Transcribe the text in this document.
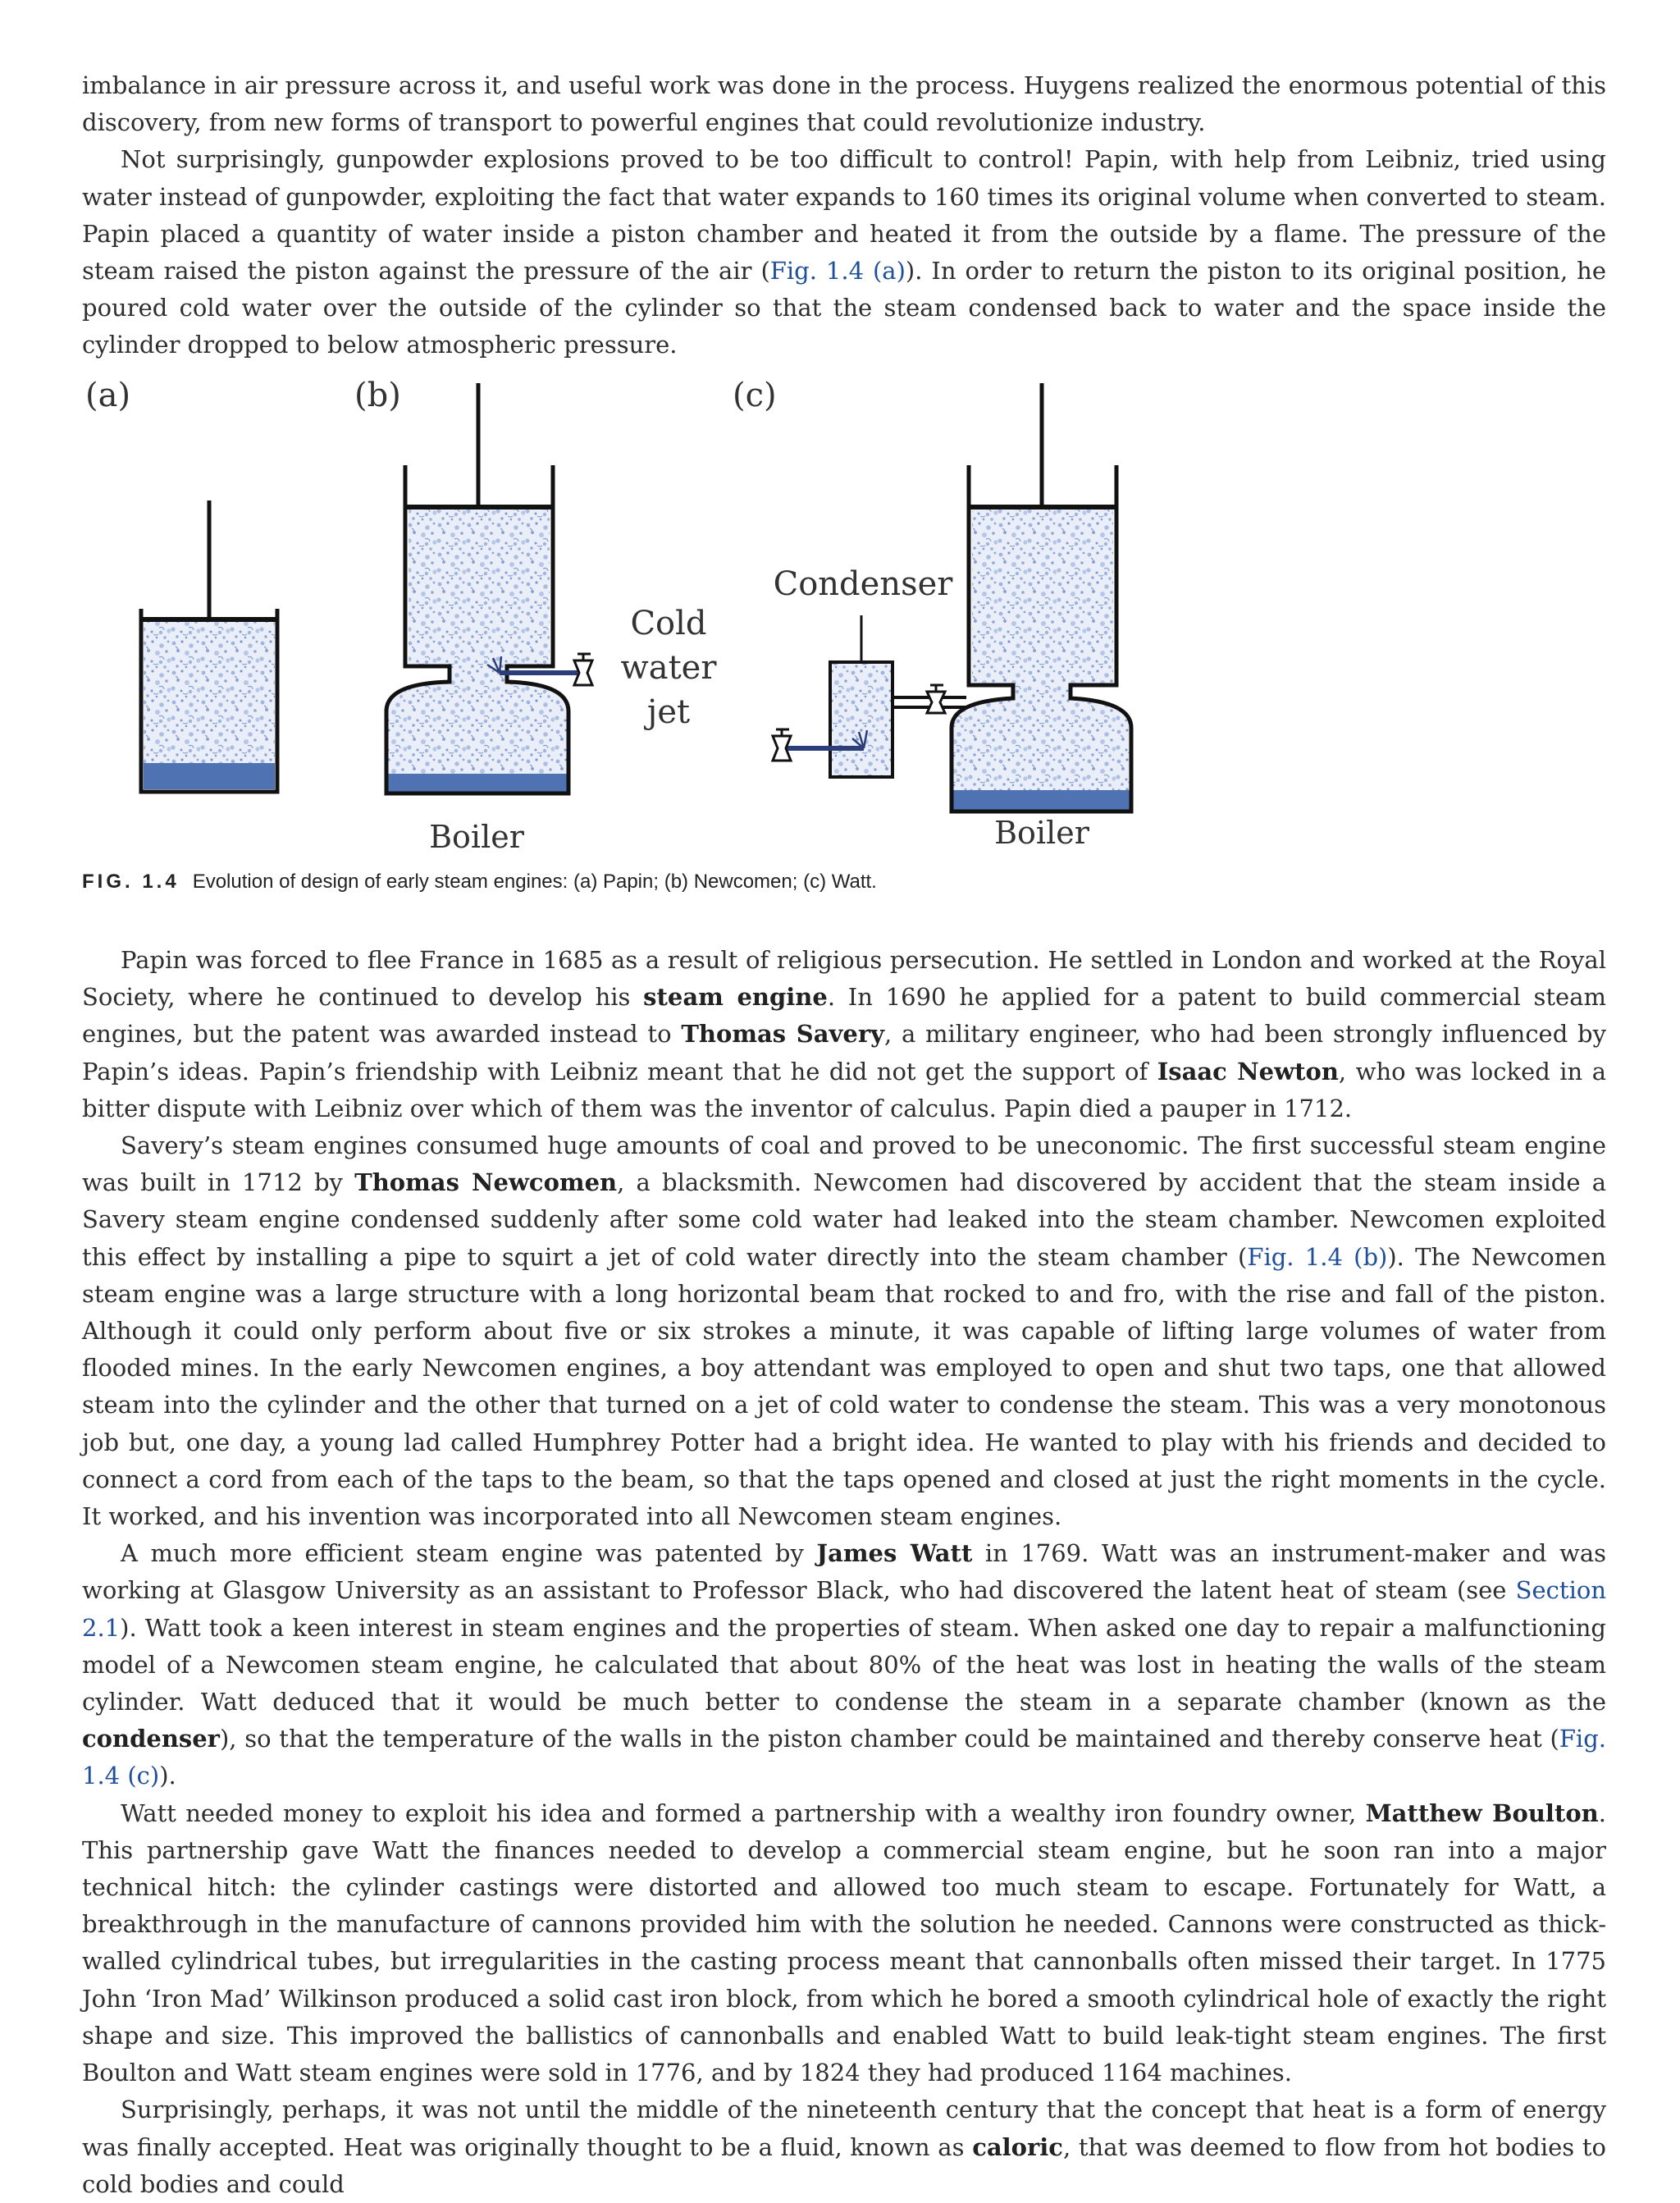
imbalance in air pressure across it, and useful work was done in the process. Huygens realized the enormous potential of this discovery, from new forms of transport to powerful engines that could revolutionize industry.

Not surprisingly, gunpowder explosions proved to be too difficult to control! Papin, with help from Leibniz, tried using water instead of gunpowder, exploiting the fact that water expands to 160 times its original volume when converted to steam. Papin placed a quantity of water inside a piston chamber and heated it from the outside by a flame. The pressure of the steam raised the piston against the pressure of the air (Fig. 1.4 (a)). In order to return the piston to its original position, he poured cold water over the outside of the cylinder so that the steam condensed back to water and the space inside the cylinder dropped to below atmospheric pressure.

(a)	(b)	(c)
Cold
water
jet
Condenser
Boiler	Boiler
FIG. 1.4 Evolution of design of early steam engines: (a) Papin; (b) Newcomen; (c) Watt.

Papin was forced to flee France in 1685 as a result of religious persecution. He settled in London and worked at the Royal Society, where he continued to develop his steam engine. In 1690 he applied for a patent to build commercial steam engines, but the patent was awarded instead to Thomas Savery, a military engineer, who had been strongly influenced by Papin’s ideas. Papin’s friendship with Leibniz meant that he did not get the support of Isaac Newton, who was locked in a bitter dispute with Leibniz over which of them was the inventor of calculus. Papin died a pauper in 1712.

Savery’s steam engines consumed huge amounts of coal and proved to be uneconomic. The first successful steam engine was built in 1712 by Thomas Newcomen, a blacksmith. Newcomen had discovered by accident that the steam inside a Savery steam engine condensed suddenly after some cold water had leaked into the steam chamber. Newcomen exploited this effect by installing a pipe to squirt a jet of cold water directly into the steam chamber (Fig. 1.4 (b)). The Newcomen steam engine was a large structure with a long horizontal beam that rocked to and fro, with the rise and fall of the piston. Although it could only perform about five or six strokes a minute, it was capable of lifting large volumes of water from flooded mines. In the early Newcomen engines, a boy attendant was employed to open and shut two taps, one that allowed steam into the cylinder and the other that turned on a jet of cold water to condense the steam. This was a very monotonous job but, one day, a young lad called Humphrey Potter had a bright idea. He wanted to play with his friends and decided to connect a cord from each of the taps to the beam, so that the taps opened and closed at just the right moments in the cycle. It worked, and his invention was incorporated into all Newcomen steam engines.

A much more efficient steam engine was patented by James Watt in 1769. Watt was an instrument-maker and was working at Glasgow University as an assistant to Professor Black, who had discovered the latent heat of steam (see Section 2.1). Watt took a keen interest in steam engines and the properties of steam. When asked one day to repair a malfunctioning model of a Newcomen steam engine, he calculated that about 80% of the heat was lost in heating the walls of the steam cylinder. Watt deduced that it would be much better to condense the steam in a separate chamber (known as the condenser), so that the temperature of the walls in the piston chamber could be maintained and thereby conserve heat (Fig. 1.4 (c)).

Watt needed money to exploit his idea and formed a partnership with a wealthy iron foundry owner, Matthew Boulton. This partnership gave Watt the finances needed to develop a commercial steam engine, but he soon ran into a major technical hitch: the cylinder castings were distorted and allowed too much steam to escape. Fortunately for Watt, a breakthrough in the manufacture of cannons provided him with the solution he needed. Cannons were constructed as thick-walled cylindrical tubes, but irregularities in the casting process meant that cannonballs often missed their target. In 1775 John ‘Iron Mad’ Wilkinson produced a solid cast iron block, from which he bored a smooth cylindrical hole of exactly the right shape and size. This improved the ballistics of cannonballs and enabled Watt to build leak-tight steam engines. The first Boulton and Watt steam engines were sold in 1776, and by 1824 they had produced 1164 machines.

Surprisingly, perhaps, it was not until the middle of the nineteenth century that the concept that heat is a form of energy was finally accepted. Heat was originally thought to be a fluid, known as caloric, that was deemed to flow from hot bodies to cold bodies and could
